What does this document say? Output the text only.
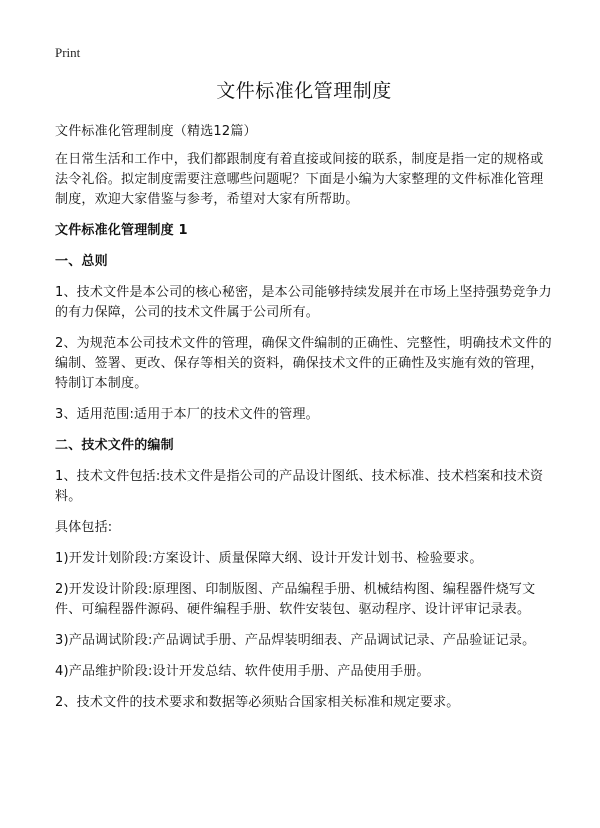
Print
文件标准化管理制度

文件标准化管理制度（精选12篇）

在日常生活和工作中，我们都跟制度有着直接或间接的联系，制度是指一定的规格或法令礼俗。拟定制度需要注意哪些问题呢？下面是小编为大家整理的文件标准化管理制度，欢迎大家借鉴与参考，希望对大家有所帮助。

文件标准化管理制度 1

一、总则

1、技术文件是本公司的核心秘密，是本公司能够持续发展并在市场上坚持强势竞争力的有力保障，公司的技术文件属于公司所有。

2、为规范本公司技术文件的管理，确保文件编制的正确性、完整性，明确技术文件的编制、签署、更改、保存等相关的资料，确保技术文件的正确性及实施有效的管理，特制订本制度。

3、适用范围:适用于本厂的技术文件的管理。

二、技术文件的编制

1、技术文件包括:技术文件是指公司的产品设计图纸、技术标准、技术档案和技术资料。

具体包括:

1)开发计划阶段:方案设计、质量保障大纲、设计开发计划书、检验要求。

2)开发设计阶段:原理图、印制版图、产品编程手册、机械结构图、编程器件烧写文件、可编程器件源码、硬件编程手册、软件安装包、驱动程序、设计评审记录表。

3)产品调试阶段:产品调试手册、产品焊装明细表、产品调试记录、产品验证记录。

4)产品维护阶段:设计开发总结、软件使用手册、产品使用手册。

2、技术文件的技术要求和数据等必须贴合国家相关标准和规定要求。
